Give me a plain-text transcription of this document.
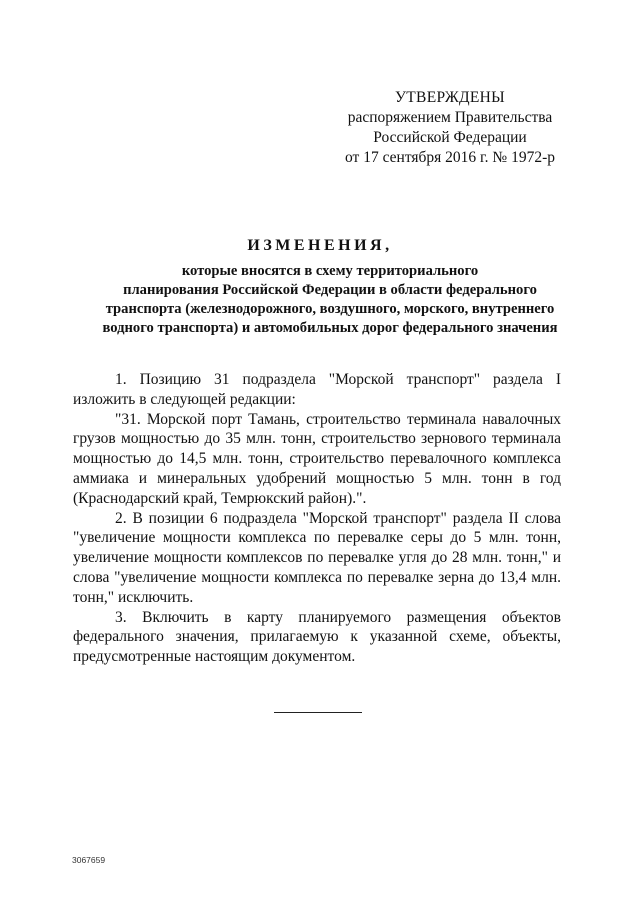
УТВЕРЖДЕНЫ
распоряжением Правительства
Российской Федерации
от 17 сентября 2016 г. № 1972-р
ИЗМЕНЕНИЯ,
которые вносятся в схему территориального
планирования Российской Федерации в области федерального
транспорта (железнодорожного, воздушного, морского, внутреннего
водного транспорта) и автомобильных дорог федерального значения

1. Позицию 31 подраздела "Морской транспорт" раздела I изложить в следующей редакции:

"31. Морской порт Тамань, строительство терминала навалочных грузов мощностью до 35 млн. тонн, строительство зернового терминала мощностью до 14,5 млн. тонн, строительство перевалочного комплекса аммиака и минеральных удобрений мощностью 5 млн. тонн в год (Краснодарский край, Темрюкский район).".

2. В позиции 6 подраздела "Морской транспорт" раздела II слова "увеличение мощности комплекса по перевалке серы до 5 млн. тонн, увеличение мощности комплексов по перевалке угля до 28 млн. тонн," и слова "увеличение мощности комплекса по перевалке зерна до 13,4 млн. тонн," исключить.

3. Включить в карту планируемого размещения объектов федерального значения, прилагаемую к указанной схеме, объекты, предусмотренные настоящим документом.

3067659
